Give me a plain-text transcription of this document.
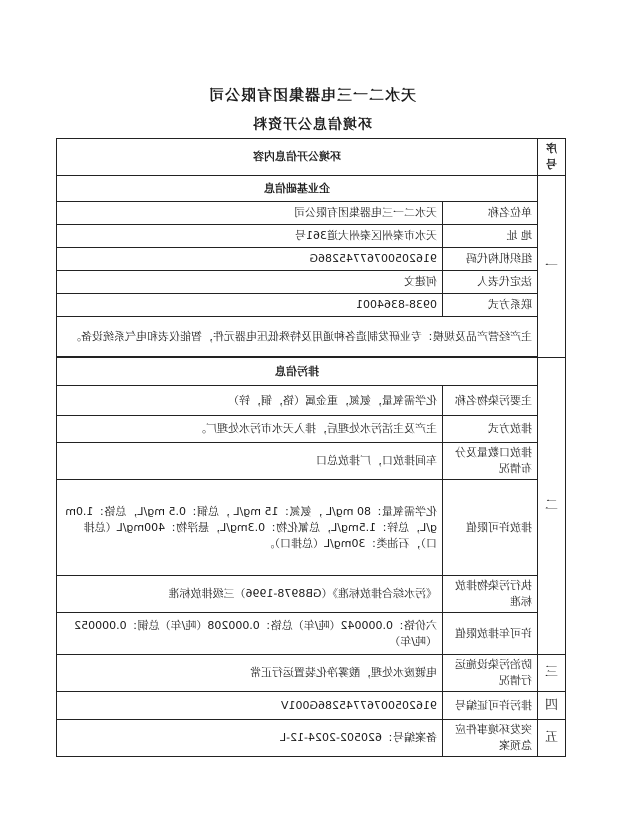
天水二一三电器集团有限公司
环境信息公开资料
序号	环境公开信息内容	
一	企业基础信息	
	单位名称	天水二一三电器集团有限公司
	地 址	天水市秦州区秦州大道361号
	组织机构代码	91620500767745286G
	法定代表人	何建文
	联系方式	0938-8364001
	主产经营产品及规模：专业研发制造各种通用及特殊低压电器元件，智能仪表和电气系统设备。	

二	排污信息	
	主要污染物名称	化学需氧量，氨氮，重金属（铬，铜，锌）
	排放方式	主产及主活污水处理后，排入天水市污水处理厂。
	排放口数量及分布情况	车间排放口，厂排放总口
	排放许可限值	化学需氧量：80 mg/L ，氨氮：15 mg/L ，总铜：0.5 mg/L，总铬：1.0mg/L，总锌：1.5mg/L，总氰化物：0.3mg/L，悬浮物：400mg/L（总排口），石油类：30mg/L（总排口）。
	执行污染物排放标准	《污水综合排放标准》（GB8978-1996）三级排放标准
	许可年排放限值	六价铬：0.000042（吨/年）总铬：0.000208（吨/年）总铜：0.000052（吨/年）
三	防治污染设施运行情况	电镀废水处理，酸雾净化装置运行正常
四	排污许可证编号	91620500767745286G001V
五	突发环境事件应急预案	备案编号：620502-2024-12-L
